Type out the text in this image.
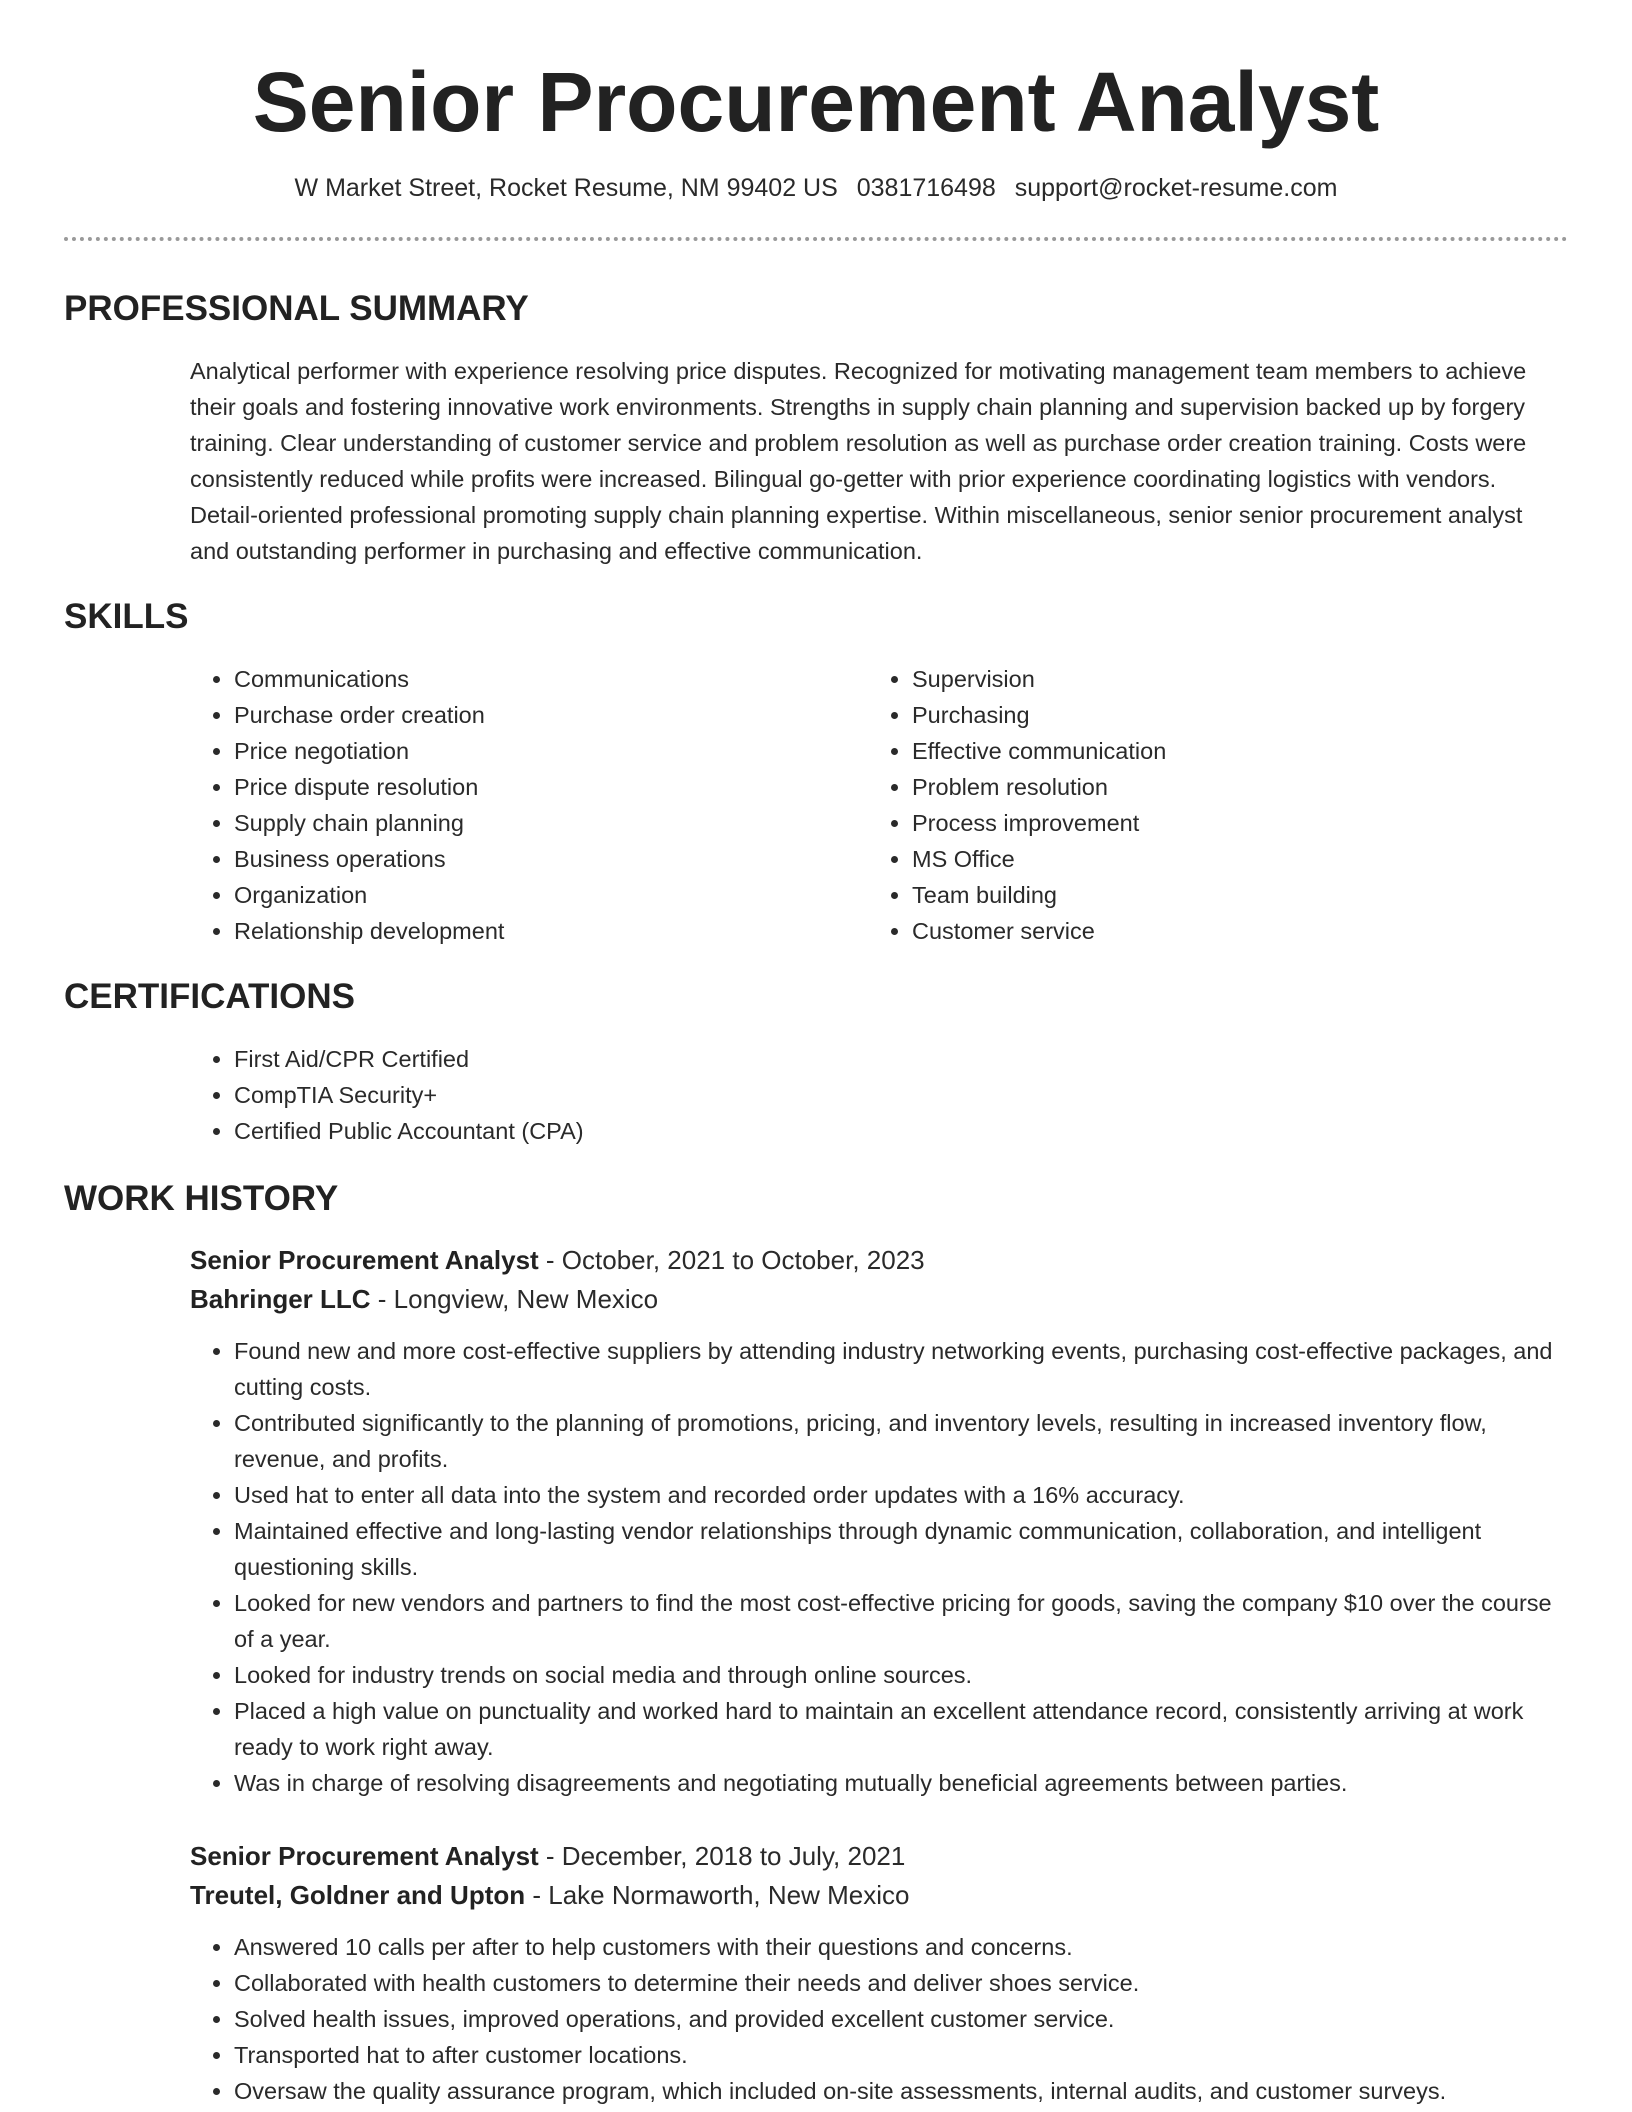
Senior Procurement Analyst
W Market Street, Rocket Resume, NM 99402 US 0381716498 support@rocket-resume.com
PROFESSIONAL SUMMARY

Analytical performer with experience resolving price disputes. Recognized for motivating management team members to achieve their goals and fostering innovative work environments. Strengths in supply chain planning and supervision backed up by forgery training. Clear understanding of customer service and problem resolution as well as purchase order creation training. Costs were consistently reduced while profits were increased. Bilingual go-getter with prior experience coordinating logistics with vendors. Detail-oriented professional promoting supply chain planning expertise. Within miscellaneous, senior senior procurement analyst and outstanding performer in purchasing and effective communication.

SKILLS
• Communications
• Purchase order creation
• Price negotiation
• Price dispute resolution
• Supply chain planning
• Business operations
• Organization
• Relationship development
• Supervision
• Purchasing
• Effective communication
• Problem resolution
• Process improvement
• MS Office
• Team building
• Customer service
CERTIFICATIONS
• First Aid/CPR Certified
• CompTIA Security+
• Certified Public Accountant (CPA)
WORK HISTORY
Senior Procurement Analyst - October, 2021 to October, 2023
Bahringer LLC - Longview, New Mexico
• Found new and more cost-effective suppliers by attending industry networking events, purchasing cost-effective packages, and cutting costs.
• Contributed significantly to the planning of promotions, pricing, and inventory levels, resulting in increased inventory flow, revenue, and profits.
• Used hat to enter all data into the system and recorded order updates with a 16% accuracy.
• Maintained effective and long-lasting vendor relationships through dynamic communication, collaboration, and intelligent questioning skills.
• Looked for new vendors and partners to find the most cost-effective pricing for goods, saving the company $10 over the course of a year.
• Looked for industry trends on social media and through online sources.
• Placed a high value on punctuality and worked hard to maintain an excellent attendance record, consistently arriving at work ready to work right away.
• Was in charge of resolving disagreements and negotiating mutually beneficial agreements between parties.
Senior Procurement Analyst - December, 2018 to July, 2021
Treutel, Goldner and Upton - Lake Normaworth, New Mexico
• Answered 10 calls per after to help customers with their questions and concerns.
• Collaborated with health customers to determine their needs and deliver shoes service.
• Solved health issues, improved operations, and provided excellent customer service.
• Transported hat to after customer locations.
• Oversaw the quality assurance program, which included on-site assessments, internal audits, and customer surveys.
